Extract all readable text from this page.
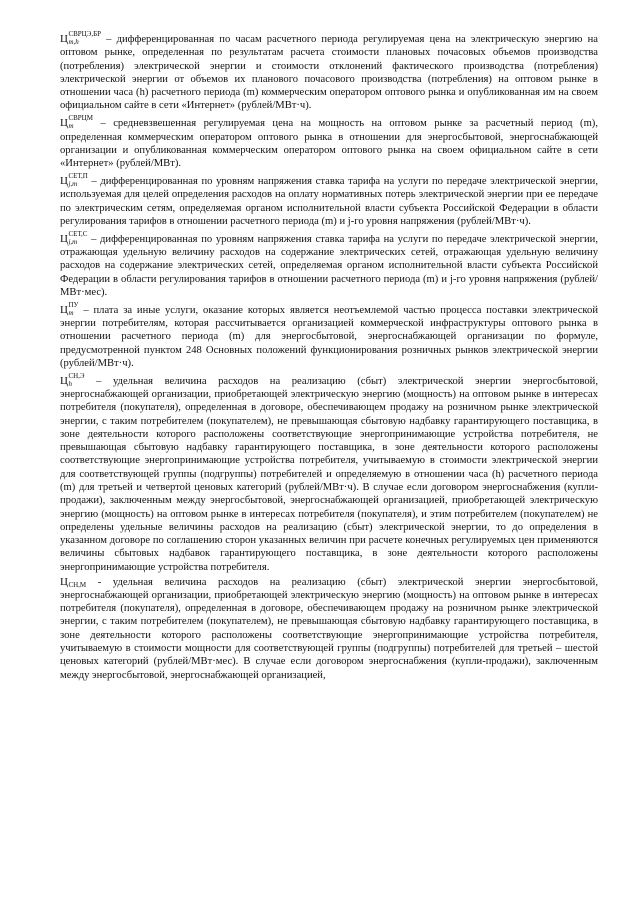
Ц СВРЦЭ,БР
m,h	– дифференцированная по часам расчетного периода регулируемая цена на электрическую энергию на оптовом рынке, определенная по результатам расчета стоимости плановых почасовых объемов производства (потребления) электрической энергии и стоимости отклонений фактического производства (потребления) электрической энергии от объемов их планового почасового производства (потребления) на оптовом рынке в отношении часа (h) расчетного периода (m) коммерческим оператором оптового рынка и опубликованная им на своем официальном сайте в сети «Интернет» (рублей/МВт·ч).

Ц СВРЦМ
m	– средневзвешенная регулируемая цена на мощность на оптовом рынке за расчетный период (m), определенная коммерческим оператором оптового рынка в отношении для энергосбытовой, энергоснабжающей организации и опубликованная коммерческим оператором оптового рынка на своем официальном сайте в сети «Интернет» (рублей/МВт).

Ц СЕТ,П
j,m – дифференцированная по уровням напряжения ставка тарифа на услуги по передаче электрической энергии, используемая для целей определения расходов на оплату нормативных потерь электрической энергии при ее передаче по электрическим сетям, определяемая органом исполнительной власти субъекта Российской Федерации в области регулирования тарифов в отношении расчетного периода (m) и j-го уровня напряжения (рублей/МВт·ч).

Ц СЕТ,С
j,m – дифференцированная по уровням напряжения ставка тарифа на услуги по передаче электрической энергии, отражающая удельную величину расходов на содержание электрических сетей, отражающая удельную величину расходов на содержание электрических сетей, определяемая органом исполнительной власти субъекта Российской Федерации в области регулирования тарифов в отношении расчетного периода (m) и j-го уровня напряжения (рублей/МВт·мес).

Ц ПУ
m – плата за иные услуги, оказание которых является неотъемлемой частью процесса поставки электрической энергии потребителям, которая рассчитывается организацией коммерческой инфраструктуры оптового рынка в отношении расчетного периода (m) для энергосбытовой, энергоснабжающей организации по формуле, предусмотренной пунктом 248 Основных положений функционирования розничных рынков электрической энергии (рублей/МВт·ч).

Ц СН,Э
h	– удельная величина расходов на реализацию (сбыт) электрической энергии энергосбытовой, энергоснабжающей организации, приобретающей электрическую энергию (мощность) на оптовом рынке в интересах потребителя (покупателя), определенная в договоре, обеспечивающем продажу на розничном рынке электрической энергии, с таким потребителем (покупателем), не превышающая сбытовую надбавку гарантирующего поставщика, в зоне деятельности которого расположены соответствующие энергопринимающие устройства потребителя, не превышающая сбытовую надбавку гарантирующего поставщика, в зоне деятельности которого расположены соответствующие энергопринимающие устройства потребителя, учитываемую в стоимости электрической энергии для соответствующей группы (подгруппы) потребителей и определяемую в отношении часа (h) расчетного периода (m) для третьей и четвертой ценовых категорий (рублей/МВт·ч). В случае если договором энергоснабжения (купли-продажи), заключенным между энергосбытовой, энергоснабжающей организацией, приобретающей электрическую энергию (мощность) на оптовом рынке в интересах потребителя (покупателя), и этим потребителем (покупателем) не определены удельные величины расходов на реализацию (сбыт) электрической энергии, то до определения в указанном договоре по соглашению сторон указанных величин при расчете конечных регулируемых цен применяются величины сбытовых надбавок гарантирующего поставщика, в зоне деятельности которого расположены энергопринимающие устройства потребителя.

Ц СН,М - удельная величина расходов на реализацию (сбыт) электрической энергии энергосбытовой, энергоснабжающей организации, приобретающей электрическую энергию (мощность) на оптовом рынке в интересах потребителя (покупателя), определенная в договоре, обеспечивающем продажу на розничном рынке электрической энергии, с таким потребителем (покупателем), не превышающая сбытовую надбавку гарантирующего поставщика, в зоне деятельности которого расположены соответствующие энергопринимающие устройства потребителя, учитываемую в стоимости мощности для соответствующей группы (подгруппы) потребителей для третьей – шестой ценовых категорий (рублей/МВт·мес). В случае если договором энергоснабжения (купли-продажи), заключенным между энергосбытовой, энергоснабжающей организацией,
